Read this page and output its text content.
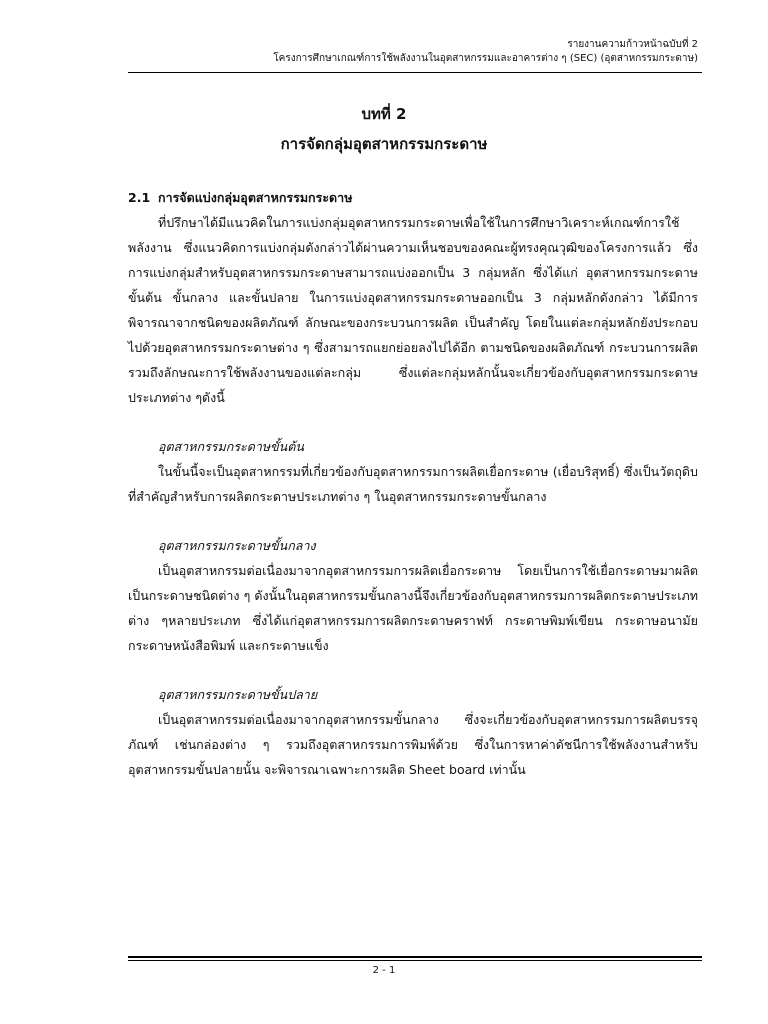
รายงานความก้าวหน้าฉบับที่ 2
โครงการศึกษาเกณฑ์การใช้พลังงานในอุตสาหกรรมและอาคารต่าง ๆ (SEC) (อุตสาหกรรมกระดาษ)
บทที่ 2
การจัดกลุ่มอุตสาหกรรมกระดาษ

2.1 การจัดแบ่งกลุ่มอุตสาหกรรมกระดาษ

ที่ปรึกษาได้มีแนวคิดในการแบ่งกลุ่มอุตสาหกรรมกระดาษเพื่อใช้ในการศึกษาวิเคราะห์เกณฑ์การใช้พลังงาน ซึ่งแนวคิดการแบ่งกลุ่มดังกล่าวได้ผ่านความเห็นชอบของคณะผู้ทรงคุณวุฒิของโครงการแล้ว ซึ่งการแบ่งกลุ่มสำหรับอุตสาหกรรมกระดาษสามารถแบ่งออกเป็น 3 กลุ่มหลัก ซึ่งได้แก่ อุตสาหกรรมกระดาษขั้นต้น ขั้นกลาง และขั้นปลาย ในการแบ่งอุตสาหกรรมกระดาษออกเป็น 3 กลุ่มหลักดังกล่าว ได้มีการพิจารณาจากชนิดของผลิตภัณฑ์ ลักษณะของกระบวนการผลิต เป็นสำคัญ โดยในแต่ละกลุ่มหลักยังประกอบไปด้วยอุตสาหกรรมกระดาษต่าง ๆ ซึ่งสามารถแยกย่อยลงไปได้อีก ตามชนิดของผลิตภัณฑ์ กระบวนการผลิต รวมถึงลักษณะการใช้พลังงานของแต่ละกลุ่ม ซึ่งแต่ละกลุ่มหลักนั้นจะเกี่ยวข้องกับอุตสาหกรรมกระดาษประเภทต่าง ๆดังนี้

อุตสาหกรรมกระดาษขั้นต้น

ในขั้นนี้จะเป็นอุตสาหกรรมที่เกี่ยวข้องกับอุตสาหกรรมการผลิตเยื่อกระดาษ (เยื่อบริสุทธิ์) ซึ่งเป็นวัตถุดิบที่สำคัญสำหรับการผลิตกระดาษประเภทต่าง ๆ ในอุตสาหกรรมกระดาษขั้นกลาง

อุตสาหกรรมกระดาษขั้นกลาง

เป็นอุตสาหกรรมต่อเนื่องมาจากอุตสาหกรรมการผลิตเยื่อกระดาษ โดยเป็นการใช้เยื่อกระดาษมาผลิตเป็นกระดาษชนิดต่าง ๆ ดังนั้นในอุตสาหกรรมขั้นกลางนี้จึงเกี่ยวข้องกับอุตสาหกรรมการผลิตกระดาษประเภทต่าง ๆหลายประเภท ซึ่งได้แก่อุตสาหกรรมการผลิตกระดาษคราฟท์ กระดาษพิมพ์เขียน กระดาษอนามัย กระดาษหนังสือพิมพ์ และกระดาษแข็ง

อุตสาหกรรมกระดาษขั้นปลาย

เป็นอุตสาหกรรมต่อเนื่องมาจากอุตสาหกรรมขั้นกลาง ซึ่งจะเกี่ยวข้องกับอุตสาหกรรมการผลิตบรรจุภัณฑ์ เช่นกล่องต่าง ๆ รวมถึงอุตสาหกรรมการพิมพ์ด้วย ซึ่งในการหาค่าดัชนีการใช้พลังงานสำหรับอุตสาหกรรมขั้นปลายนั้น จะพิจารณาเฉพาะการผลิต Sheet board เท่านั้น

2 - 1
